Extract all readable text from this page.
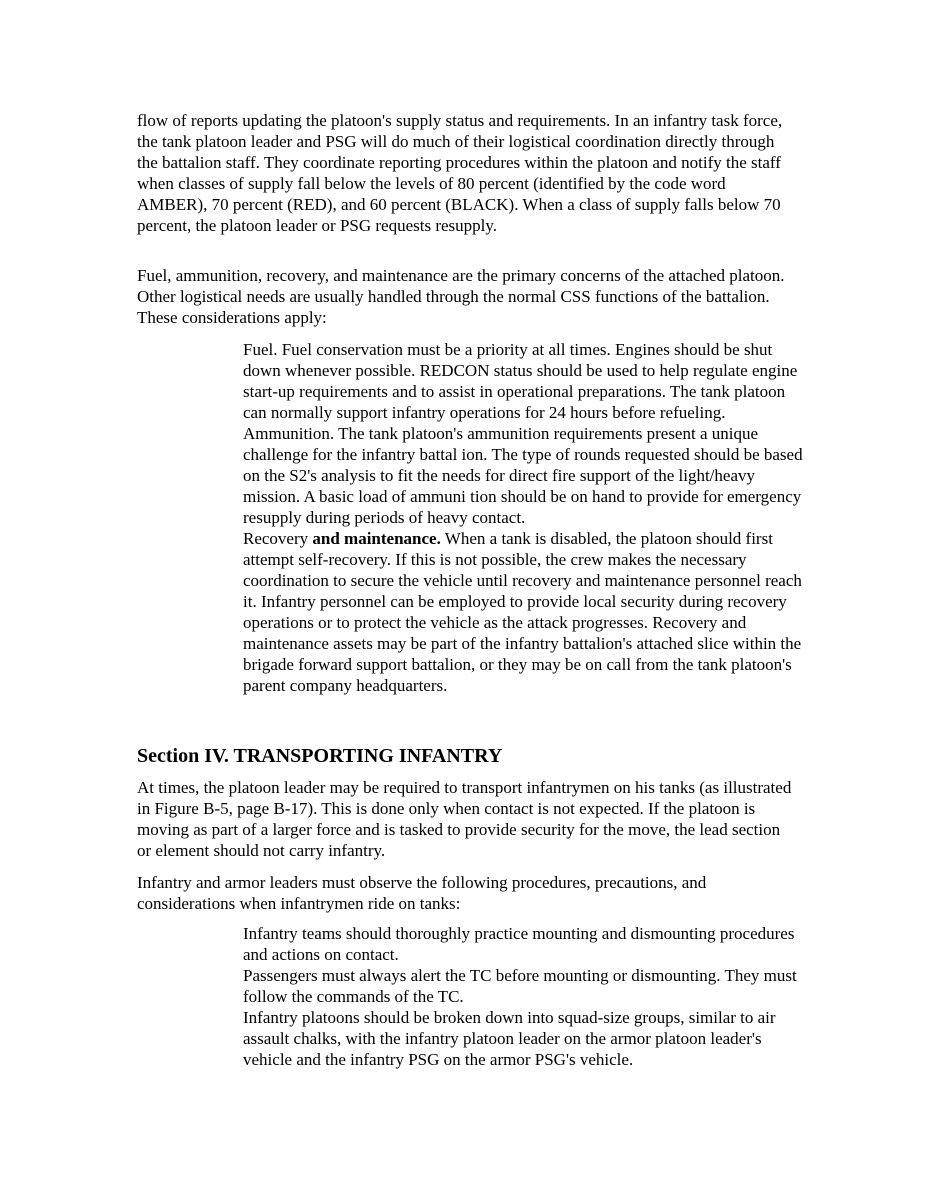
flow of reports updating the platoon's supply status and requirements. In an infantry task force, the tank platoon leader and PSG will do much of their logistical coordination directly through the battalion staff. They coordinate reporting procedures within the platoon and notify the staff when classes of supply fall below the levels of 80 percent (identified by the code word AMBER), 70 percent (RED), and 60 percent (BLACK). When a class of supply falls below 70 percent, the platoon leader or PSG requests resupply.

Fuel, ammunition, recovery, and maintenance are the primary concerns of the attached platoon. Other logistical needs are usually handled through the normal CSS functions of the battalion. These considerations apply:

Fuel. Fuel conservation must be a priority at all times. Engines should be shut down whenever possible. REDCON status should be used to help regulate engine start-up requirements and to assist in operational preparations. The tank platoon can normally support infantry operations for 24 hours before refueling.

Ammunition. The tank platoon's ammunition requirements present a unique challenge for the infantry battal ion. The type of rounds requested should be based on the S2's analysis to fit the needs for direct fire support of the light/heavy mission. A basic load of ammuni tion should be on hand to provide for emergency resupply during periods of heavy contact.

Recovery and maintenance. When a tank is disabled, the platoon should first attempt self-recovery. If this is not possible, the crew makes the necessary coordination to secure the vehicle until recovery and maintenance personnel reach it. Infantry personnel can be employed to provide local security during recovery operations or to protect the vehicle as the attack progresses. Recovery and maintenance assets may be part of the infantry battalion's attached slice within the brigade forward support battalion, or they may be on call from the tank platoon's parent company headquarters.

Section IV. TRANSPORTING INFANTRY

At times, the platoon leader may be required to transport infantrymen on his tanks (as illustrated in Figure B-5, page B-17). This is done only when contact is not expected. If the platoon is moving as part of a larger force and is tasked to provide security for the move, the lead section or element should not carry infantry.

Infantry and armor leaders must observe the following procedures, precautions, and considerations when infantrymen ride on tanks:

Infantry teams should thoroughly practice mounting and dismounting procedures and actions on contact.

Passengers must always alert the TC before mounting or dismounting. They must follow the commands of the TC.

Infantry platoons should be broken down into squad-size groups, similar to air assault chalks, with the infantry platoon leader on the armor platoon leader's vehicle and the infantry PSG on the armor PSG's vehicle.
